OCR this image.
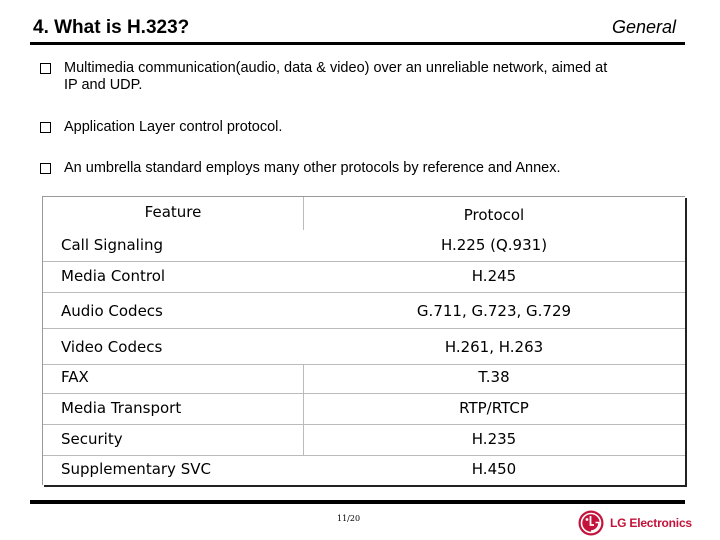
4. What is H.323?	General
Multimedia communication(audio, data & video) over an unreliable network, aimed at
IP and UDP.
Application Layer control protocol.
An umbrella standard employs many other protocols by reference and Annex.
Feature	Protocol
Call Signaling	H.225 (Q.931)
Media Control	H.245
Audio Codecs	G.711, G.723, G.729
Video Codecs	H.261, H.263
FAX	T.38
Media Transport	RTP/RTCP
Security	H.235
Supplementary SVC	H.450
11/20	LG Electronics
